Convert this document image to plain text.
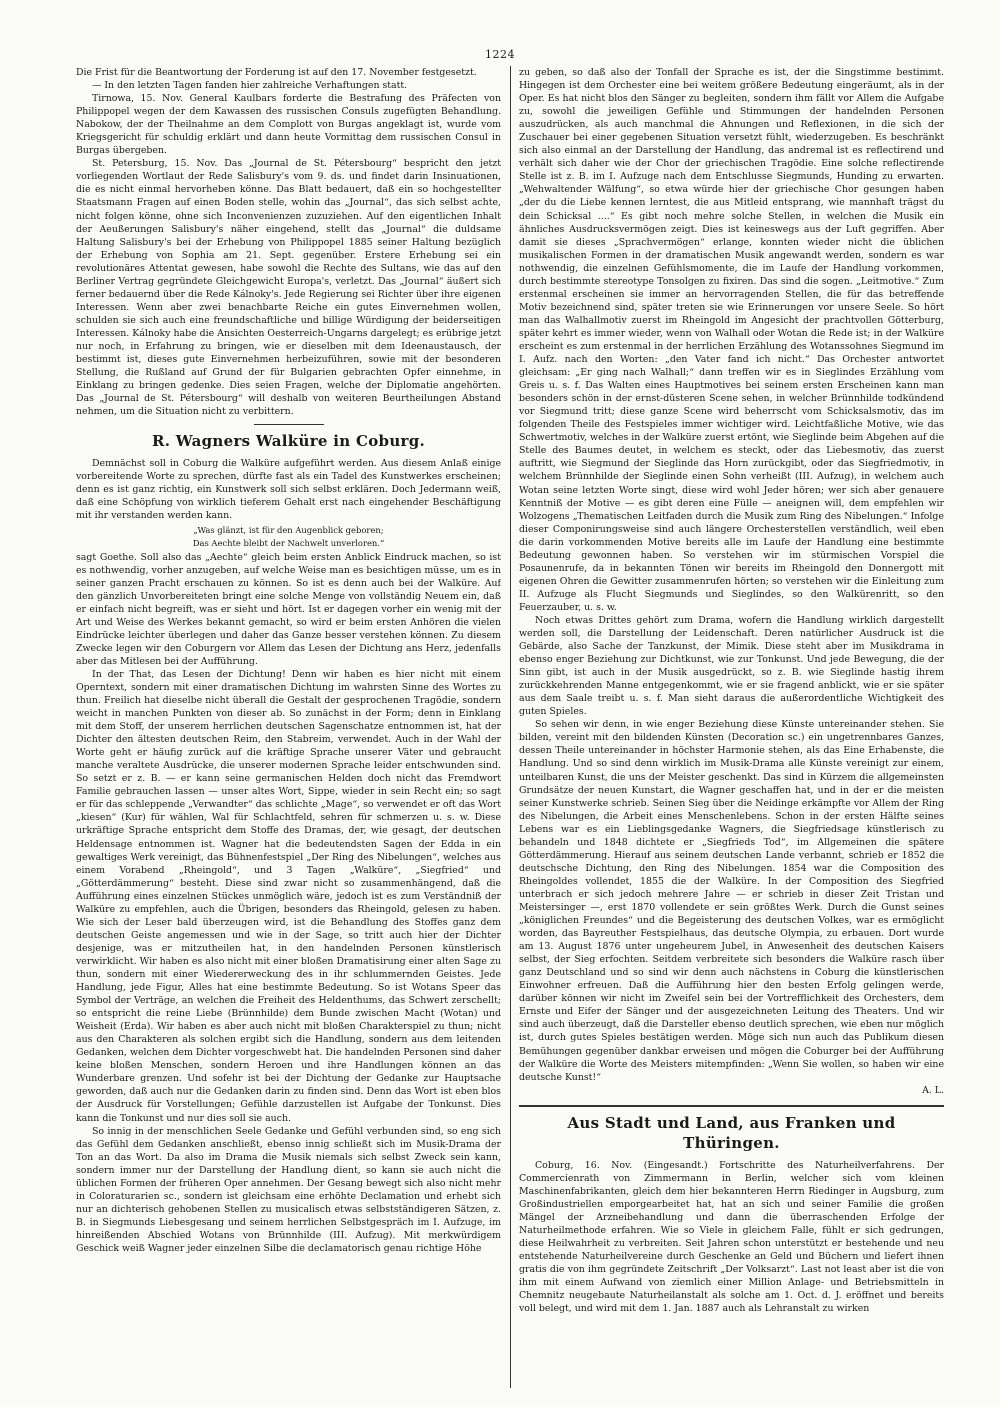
1224

Die Frist für die Beantwortung der Forderung ist auf den 17. November festgesetzt.

— In den letzten Tagen fanden hier zahlreiche Verhaftungen statt.

Tirnowa, 15. Nov. General Kaulbars forderte die Bestrafung des Präfecten von Philippopel wegen der dem Kawassen des russischen Consuls zugefügten Behandlung. Nabokow, der der Theilnahme an dem Complott von Burgas angeklagt ist, wurde vom Kriegsgericht für schuldig erklärt und dann heute Vormittag dem russischen Consul in Burgas übergeben.

St. Petersburg, 15. Nov. Das „Journal de St. Pétersbourg“ bespricht den jetzt vorliegenden Wortlaut der Rede Salisbury's vom 9. ds. und findet darin Insinuationen, die es nicht einmal hervorheben könne. Das Blatt bedauert, daß ein so hochgestellter Staatsmann Fragen auf einen Boden stelle, wohin das „Journal“, das sich selbst achte, nicht folgen könne, ohne sich Inconvenienzen zuzuziehen. Auf den eigentlichen Inhalt der Aeußerungen Salisbury's näher eingehend, stellt das „Journal“ die duldsame Haltung Salisbury's bei der Erhebung von Philippopel 1885 seiner Haltung bezüglich der Erhebung von Sophia am 21. Sept. gegenüber. Erstere Erhebung sei ein revolutionäres Attentat gewesen, habe sowohl die Rechte des Sultans, wie das auf den Berliner Vertrag gegründete Gleichgewicht Europa's, verletzt. Das „Journal“ äußert sich ferner bedauernd über die Rede Kálnoky's. Jede Regierung sei Richter über ihre eigenen Interessen. Wenn aber zwei benachbarte Reiche ein gutes Einvernehmen wollen, schulden sie sich auch eine freundschaftliche und billige Würdigung der beiderseitigen Interessen. Kálnoky habe die Ansichten Oesterreich-Ungarns dargelegt; es erübrige jetzt nur noch, in Erfahrung zu bringen, wie er dieselben mit dem Ideenaustausch, der bestimmt ist, dieses gute Einvernehmen herbeizuführen, sowie mit der besonderen Stellung, die Rußland auf Grund der für Bulgarien gebrachten Opfer einnehme, in Einklang zu bringen gedenke. Dies seien Fragen, welche der Diplomatie angehörten. Das „Journal de St. Pétersbourg“ will deshalb von weiteren Beurtheilungen Abstand nehmen, um die Situation nicht zu verbittern.

R. Wagners Walküre in Coburg.

Demnächst soll in Coburg die Walküre aufgeführt werden. Aus diesem Anlaß einige vorbereitende Worte zu sprechen, dürfte fast als ein Tadel des Kunstwerkes erscheinen; denn es ist ganz richtig, ein Kunstwerk soll sich selbst erklären. Doch Jedermann weiß, daß eine Schöpfung von wirklich tieferem Gehalt erst nach eingehender Beschäftigung mit ihr verstanden werden kann.

„Was glänzt, ist für den Augenblick geboren;

Das Aechte bleibt der Nachwelt unverloren.“

sagt Goethe. Soll also das „Aechte“ gleich beim ersten Anblick Eindruck machen, so ist es nothwendig, vorher anzugeben, auf welche Weise man es besichtigen müsse, um es in seiner ganzen Pracht erschauen zu können. So ist es denn auch bei der Walküre. Auf den gänzlich Unvorbereiteten bringt eine solche Menge von vollständig Neuem ein, daß er einfach nicht begreift, was er sieht und hört. Ist er dagegen vorher ein wenig mit der Art und Weise des Werkes bekannt gemacht, so wird er beim ersten Anhören die vielen Eindrücke leichter überlegen und daher das Ganze besser verstehen können. Zu diesem Zwecke legen wir den Coburgern vor Allem das Lesen der Dichtung ans Herz, jedenfalls aber das Mitlesen bei der Aufführung.

In der That, das Lesen der Dichtung! Denn wir haben es hier nicht mit einem Operntext, sondern mit einer dramatischen Dichtung im wahrsten Sinne des Wortes zu thun. Freilich hat dieselbe nicht überall die Gestalt der gesprochenen Tragödie, sondern weicht in manchen Punkten von dieser ab. So zunächst in der Form; denn in Einklang mit dem Stoff, der unserem herrlichen deutschen Sagenschatze entnommen ist, hat der Dichter den ältesten deutschen Reim, den Stabreim, verwendet. Auch in der Wahl der Worte geht er häufig zurück auf die kräftige Sprache unserer Väter und gebraucht manche veraltete Ausdrücke, die unserer modernen Sprache leider entschwunden sind. So setzt er z. B. — er kann seine germanischen Helden doch nicht das Fremdwort Familie gebrauchen lassen — unser altes Wort, Sippe, wieder in sein Recht ein; so sagt er für das schleppende „Verwandter“ das schlichte „Mage“, so verwendet er oft das Wort „kiesen“ (Kur) für wählen, Wal für Schlachtfeld, sehren für schmerzen u. s. w. Diese urkräftige Sprache entspricht dem Stoffe des Dramas, der, wie gesagt, der deutschen Heldensage entnommen ist. Wagner hat die bedeutendsten Sagen der Edda in ein gewaltiges Werk vereinigt, das Bühnenfestspiel „Der Ring des Nibelungen“, welches aus einem Vorabend „Rheingold“, und 3 Tagen „Walküre“, „Siegfried“ und „Götterdämmerung“ besteht. Diese sind zwar nicht so zusammenhängend, daß die Aufführung eines einzelnen Stückes unmöglich wäre, jedoch ist es zum Verständniß der Walküre zu empfehlen, auch die Übrigen, besonders das Rheingold, gelesen zu haben. Wie sich der Leser bald überzeugen wird, ist die Behandlung des Stoffes ganz dem deutschen Geiste angemessen und wie in der Sage, so tritt auch hier der Dichter desjenige, was er mitzutheilen hat, in den handelnden Personen künstlerisch verwirklicht. Wir haben es also nicht mit einer bloßen Dramatisirung einer alten Sage zu thun, sondern mit einer Wiedererweckung des in ihr schlummernden Geistes. Jede Handlung, jede Figur, Alles hat eine bestimmte Bedeutung. So ist Wotans Speer das Symbol der Verträge, an welchen die Freiheit des Heldenthums, das Schwert zerschellt; so entspricht die reine Liebe (Brünnhilde) dem Bunde zwischen Macht (Wotan) und Weisheit (Erda). Wir haben es aber auch nicht mit bloßen Charakterspiel zu thun; nicht aus den Charakteren als solchen ergibt sich die Handlung, sondern aus dem leitenden Gedanken, welchen dem Dichter vorgeschwebt hat. Die handelnden Personen sind daher keine bloßen Menschen, sondern Heroen und ihre Handlungen können an das Wunderbare grenzen. Und sofehr ist bei der Dichtung der Gedanke zur Hauptsache geworden, daß auch nur die Gedanken darin zu finden sind. Denn das Wort ist eben blos der Ausdruck für Vorstellungen; Gefühle darzustellen ist Aufgabe der Tonkunst. Dies kann die Tonkunst und nur dies soll sie auch.

So innig in der menschlichen Seele Gedanke und Gefühl verbunden sind, so eng sich das Gefühl dem Gedanken anschließt, ebenso innig schließt sich im Musik-Drama der Ton an das Wort. Da also im Drama die Musik niemals sich selbst Zweck sein kann, sondern immer nur der Darstellung der Handlung dient, so kann sie auch nicht die üblichen Formen der früheren Oper annehmen. Der Gesang bewegt sich also nicht mehr in Coloraturarien sc., sondern ist gleichsam eine erhöhte Declamation und erhebt sich nur an dichterisch gehobenen Stellen zu musicalisch etwas selbstständigeren Sätzen, z. B. in Siegmunds Liebesgesang und seinem herrlichen Selbstgespräch im I. Aufzuge, im hinreißenden Abschied Wotans von Brünnhilde (III. Aufzug). Mit merkwürdigem Geschick weiß Wagner jeder einzelnen Silbe die declamatorisch genau richtige Höhe

zu geben, so daß also der Tonfall der Sprache es ist, der die Singstimme bestimmt. Hingegen ist dem Orchester eine bei weitem größere Bedeutung eingeräumt, als in der Oper. Es hat nicht blos den Sänger zu begleiten, sondern ihm fällt vor Allem die Aufgabe zu, sowohl die jeweiligen Gefühle und Stimmungen der handelnden Personen auszudrücken, als auch manchmal die Ahnungen und Reflexionen, in die sich der Zuschauer bei einer gegebenen Situation versetzt fühlt, wiederzugeben. Es beschränkt sich also einmal an der Darstellung der Handlung, das andremal ist es reflectirend und verhält sich daher wie der Chor der griechischen Tragödie. Eine solche reflectirende Stelle ist z. B. im I. Aufzuge nach dem Entschlusse Siegmunds, Hunding zu erwarten. „Wehwaltender Wälfung“, so etwa würde hier der griechische Chor gesungen haben „der du die Liebe kennen lerntest, die aus Mitleid entsprang, wie mannhaft trägst du dein Schicksal ....“ Es gibt noch mehre solche Stellen, in welchen die Musik ein ähnliches Ausdrucksvermögen zeigt. Dies ist keineswegs aus der Luft gegriffen. Aber damit sie dieses „Sprachvermögen“ erlange, konnten wieder nicht die üblichen musikalischen Formen in der dramatischen Musik angewandt werden, sondern es war nothwendig, die einzelnen Gefühlsmomente, die im Laufe der Handlung vorkommen, durch bestimmte stereotype Tonsolgen zu fixiren. Das sind die sogen. „Leitmotive.“ Zum erstenmal erscheinen sie immer an hervorragenden Stellen, die für das betreffende Motiv bezeichnend sind, später treten sie wie Erinnerungen vor unsere Seele. So hört man das Walhallmotiv zuerst im Rheingold im Angesicht der prachtvollen Götterburg, später kehrt es immer wieder, wenn von Walhall oder Wotan die Rede ist; in der Walküre erscheint es zum erstenmal in der herrlichen Erzählung des Wotanssohnes Siegmund im I. Aufz. nach den Worten: „den Vater fand ich nicht.“ Das Orchester antwortet gleichsam: „Er ging nach Walhall;“ dann treffen wir es in Sieglindes Erzählung vom Greis u. s. f. Das Walten eines Hauptmotives bei seinem ersten Erscheinen kann man besonders schön in der ernst-düsteren Scene sehen, in welcher Brünnhilde todkündend vor Siegmund tritt; diese ganze Scene wird beherrscht vom Schicksalsmotiv, das im folgenden Theile des Festspieles immer wichtiger wird. Leichtfaßliche Motive, wie das Schwertmotiv, welches in der Walküre zuerst ertönt, wie Sieglinde beim Abgehen auf die Stelle des Baumes deutet, in welchem es steckt, oder das Liebesmotiv, das zuerst auftritt, wie Siegmund der Sieglinde das Horn zurückgibt, oder das Siegfriedmotiv, in welchem Brünnhilde der Sieglinde einen Sohn verheißt (III. Aufzug), in welchem auch Wotan seine letzten Worte singt, diese wird wohl Jeder hören; wer sich aber genauere Kenntniß der Motive — es gibt deren eine Fülle — aneignen will, dem empfehlen wir Wolzogens „Thematischen Leitfaden durch die Musik zum Ring des Nibelungen.“ Infolge dieser Componirungsweise sind auch längere Orchesterstellen verständlich, weil eben die darin vorkommenden Motive bereits alle im Laufe der Handlung eine bestimmte Bedeutung gewonnen haben. So verstehen wir im stürmischen Vorspiel die Posaunenrufe, da in bekannten Tönen wir bereits im Rheingold den Donnergott mit eigenen Ohren die Gewitter zusammenrufen hörten; so verstehen wir die Einleitung zum II. Aufzuge als Flucht Siegmunds und Sieglindes, so den Walkürenritt, so den Feuerzauber, u. s. w.

Noch etwas Drittes gehört zum Drama, wofern die Handlung wirklich dargestellt werden soll, die Darstellung der Leidenschaft. Deren natürlicher Ausdruck ist die Gebärde, also Sache der Tanzkunst, der Mimik. Diese steht aber im Musikdrama in ebenso enger Beziehung zur Dichtkunst, wie zur Tonkunst. Und jede Bewegung, die der Sinn gibt, ist auch in der Musik ausgedrückt, so z. B. wie Sieglinde hastig ihrem zurückkehrenden Manne entgegenkommt, wie er sie fragend anblickt, wie er sie später aus dem Saale treibt u. s. f. Man sieht daraus die außerordentliche Wichtigkeit des guten Spieles.

So sehen wir denn, in wie enger Beziehung diese Künste untereinander stehen. Sie bilden, vereint mit den bildenden Künsten (Decoration sc.) ein ungetrennbares Ganzes, dessen Theile untereinander in höchster Harmonie stehen, als das Eine Erhabenste, die Handlung. Und so sind denn wirklich im Musik-Drama alle Künste vereinigt zur einem, unteilbaren Kunst, die uns der Meister geschenkt. Das sind in Kürzem die allgemeinsten Grundsätze der neuen Kunstart, die Wagner geschaffen hat, und in der er die meisten seiner Kunstwerke schrieb. Seinen Sieg über die Neidinge erkämpfte vor Allem der Ring des Nibelungen, die Arbeit eines Menschenlebens. Schon in der ersten Hälfte seines Lebens war es ein Lieblingsgedanke Wagners, die Siegfriedsage künstlerisch zu behandeln und 1848 dichtete er „Siegfrieds Tod“, im Allgemeinen die spätere Götterdämmerung. Hierauf aus seinem deutschen Lande verbannt, schrieb er 1852 die deutschsche Dichtung, den Ring des Nibelungen. 1854 war die Composition des Rheingoldes vollendet, 1855 die der Walküre. In der Composition des Siegfried unterbrach er sich jedoch mehrere Jahre — er schrieb in dieser Zeit Tristan und Meistersinger —, erst 1870 vollendete er sein größtes Werk. Durch die Gunst seines „königlichen Freundes“ und die Begeisterung des deutschen Volkes, war es ermöglicht worden, das Bayreuther Festspielhaus, das deutsche Olympia, zu erbauen. Dort wurde am 13. August 1876 unter ungeheurem Jubel, in Anwesenheit des deutschen Kaisers selbst, der Sieg erfochten. Seitdem verbreitete sich besonders die Walküre rasch über ganz Deutschland und so sind wir denn auch nächstens in Coburg die künstlerischen Einwohner erfreuen. Daß die Aufführung hier den besten Erfolg gelingen werde, darüber können wir nicht im Zweifel sein bei der Vortrefflichkeit des Orchesters, dem Ernste und Eifer der Sänger und der ausgezeichneten Leitung des Theaters. Und wir sind auch überzeugt, daß die Darsteller ebenso deutlich sprechen, wie eben nur möglich ist, durch gutes Spieles bestätigen werden. Möge sich nun auch das Publikum diesen Bemühungen gegenüber dankbar erweisen und mögen die Coburger bei der Aufführung der Walküre die Worte des Meisters mitempfinden: „Wenn Sie wollen, so haben wir eine deutsche Kunst!“

A. L.

Aus Stadt und Land, aus Franken und Thüringen.

Coburg, 16. Nov. (Eingesandt.) Fortschritte des Naturheilverfahrens. Der Commercienrath von Zimmermann in Berlin, welcher sich vom kleinen Maschinenfabrikanten, gleich dem hier bekannteren Herrn Riedinger in Augsburg, zum Großindustriellen emporgearbeitet hat, hat an sich und seiner Familie die großen Mängel der Arzneibehandlung und dann die überraschenden Erfolge der Naturheilmethode erfahren. Wie so Viele in gleichem Falle, fühlt er sich gedrungen, diese Heilwahrheit zu verbreiten. Seit Jahren schon unterstützt er bestehende und neu entstehende Naturheilvereine durch Geschenke an Geld und Büchern und liefert ihnen gratis die von ihm gegründete Zeitschrift „Der Volksarzt“. Last not least aber ist die von ihm mit einem Aufwand von ziemlich einer Million Anlage- und Betriebsmitteln in Chemnitz neugebaute Naturheilanstalt als solche am 1. Oct. d. J. eröffnet und bereits voll belegt, und wird mit dem 1. Jan. 1887 auch als Lehranstalt zu wirken
